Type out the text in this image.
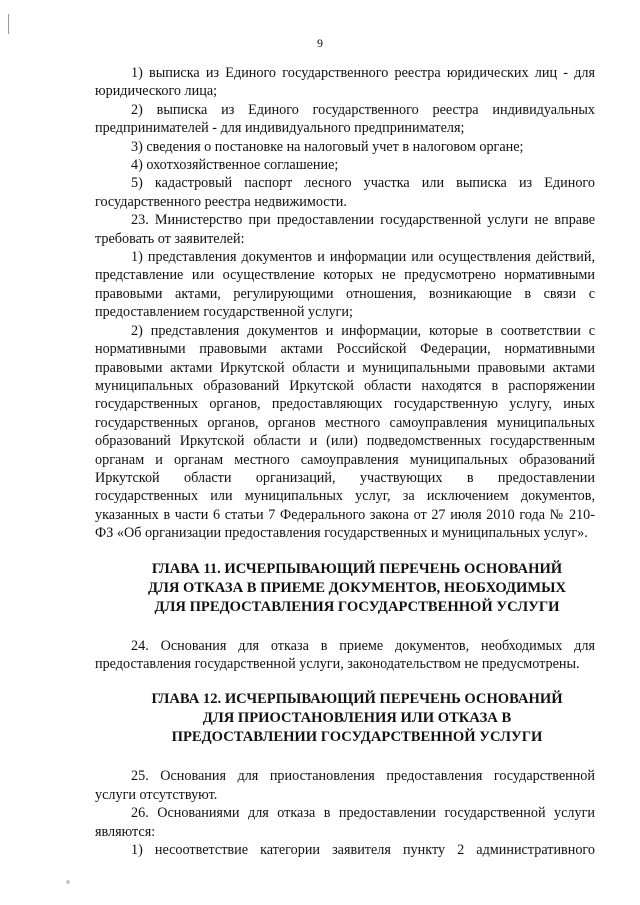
9

1) выписка из Единого государственного реестра юридических лиц - для юридического лица;

2) выписка из Единого государственного реестра индивидуальных предпринимателей - для индивидуального предпринимателя;

3) сведения о постановке на налоговый учет в налоговом органе;

4) охотхозяйственное соглашение;

5) кадастровый паспорт лесного участка или выписка из Единого государственного реестра недвижимости.

23. Министерство при предоставлении государственной услуги не вправе требовать от заявителей:

1) представления документов и информации или осуществления действий, представление или осуществление которых не предусмотрено нормативными правовыми актами, регулирующими отношения, возникающие в связи с предоставлением государственной услуги;

2) представления документов и информации, которые в соответствии с нормативными правовыми актами Российской Федерации, нормативными правовыми актами Иркутской области и муниципальными правовыми актами муниципальных образований Иркутской области находятся в распоряжении государственных органов, предоставляющих государственную услугу, иных государственных органов, органов местного самоуправления муниципальных образований Иркутской области и (или) подведомственных государственным органам и органам местного самоуправления муниципальных образований Иркутской области организаций, участвующих в предоставлении государственных или муниципальных услуг, за исключением документов, указанных в части 6 статьи 7 Федерального закона от 27 июля 2010 года № 210-ФЗ «Об организации предоставления государственных и муниципальных услуг».

ГЛАВА 11. ИСЧЕРПЫВАЮЩИЙ ПЕРЕЧЕНЬ ОСНОВАНИЙ
ДЛЯ ОТКАЗА В ПРИЕМЕ ДОКУМЕНТОВ, НЕОБХОДИМЫХ
ДЛЯ ПРЕДОСТАВЛЕНИЯ ГОСУДАРСТВЕННОЙ УСЛУГИ

24. Основания для отказа в приеме документов, необходимых для предоставления государственной услуги, законодательством не предусмотрены.

ГЛАВА 12. ИСЧЕРПЫВАЮЩИЙ ПЕРЕЧЕНЬ ОСНОВАНИЙ
ДЛЯ ПРИОСТАНОВЛЕНИЯ ИЛИ ОТКАЗА В
ПРЕДОСТАВЛЕНИИ ГОСУДАРСТВЕННОЙ УСЛУГИ

25. Основания для приостановления предоставления государственной услуги отсутствуют.

26. Основаниями для отказа в предоставлении государственной услуги являются:

1) несоответствие категории заявителя пункту 2 административного
